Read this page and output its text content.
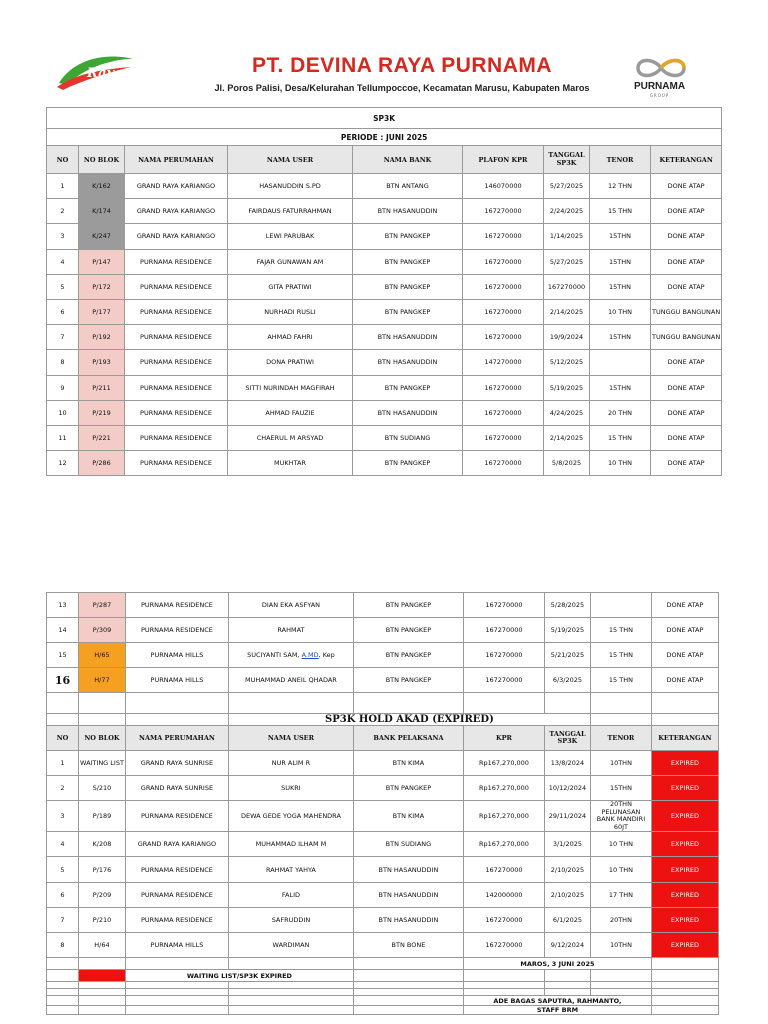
Raya	PT. DEVINA RAYA PURNAMA
Jl. Poros Palisi, Desa/Kelurahan Tellumpoccoe, Kecamatan Marusu, Kabupaten Maros	PURNAMA
GROUP
SP3K								
PERIODE : JUNI 2025								
NO	NO BLOK	NAMA PERUMAHAN	NAMA USER	NAMA BANK	PLAFON KPR	TANGGAL SP3K	TENOR	KETERANGAN
1	K/162	GRAND RAYA KARIANGO	HASANUDDIN S.PD	BTN ANTANG	146070000	5/27/2025	12 THN	DONE ATAP
2	K/174	GRAND RAYA KARIANGO	FAIRDAUS FATURRAHMAN	BTN HASANUDDIN	167270000	2/24/2025	15 THN	DONE ATAP
3	K/247	GRAND RAYA KARIANGO	LEWI PARUBAK	BTN PANGKEP	167270000	1/14/2025	15THN	DONE ATAP
4	P/147	PURNAMA RESIDENCE	FAJAR GUNAWAN AM	BTN PANGKEP	167270000	5/27/2025	15THN	DONE ATAP
5	P/172	PURNAMA RESIDENCE	GITA PRATIWI	BTN PANGKEP	167270000	167270000	15THN	DONE ATAP
6	P/177	PURNAMA RESIDENCE	NURHADI RUSLI	BTN PANGKEP	167270000	2/14/2025	10 THN	TUNGGU BANGUNAN
7	P/192	PURNAMA RESIDENCE	AHMAD FAHRI	BTN HASANUDDIN	167270000	19/9/2024	15THN	TUNGGU BANGUNAN
8	P/193	PURNAMA RESIDENCE	DONA PRATIWI	BTN HASANUDDIN	147270000	5/12/2025		DONE ATAP
9	P/211	PURNAMA RESIDENCE	SITTI NURINDAH MAGFIRAH	BTN PANGKEP	167270000	5/19/2025	15THN	DONE ATAP
10	P/219	PURNAMA RESIDENCE	AHMAD FAUZIE	BTN HASANUDDIN	167270000	4/24/2025	20 THN	DONE ATAP
11	P/221	PURNAMA RESIDENCE	CHAERUL M ARSYAD	BTN SUDIANG	167270000	2/14/2025	15 THN	DONE ATAP
12	P/286	PURNAMA RESIDENCE	MUKHTAR	BTN PANGKEP	167270000	5/8/2025	10 THN	DONE ATAP
13	P/287	PURNAMA RESIDENCE	DIAN EKA ASFYAN	BTN PANGKEP	167270000	5/28/2025		DONE ATAP
14	P/309	PURNAMA RESIDENCE	RAHMAT	BTN PANGKEP	167270000	5/19/2025	15 THN	DONE ATAP
15	H/65	PURNAMA HILLS	SUCIYANTI SAM, A.MD, Kep	BTN PANGKEP	167270000	5/21/2025	15 THN	DONE ATAP
16	H/77	PURNAMA HILLS	MUHAMMAD ANEIL QHADAR	BTN PANGKEP	167270000	6/3/2025	15 THN	DONE ATAP

			SP3K HOLD AKAD (EXPIRED)					
NO	NO BLOK	NAMA PERUMAHAN	NAMA USER	BANK PELAKSANA	KPR	TANGGAL SP3K	TENOR	KETERANGAN
1	WAITING LIST	GRAND RAYA SUNRISE	NUR ALIM R	BTN KIMA	Rp167,270,000	13/8/2024	10THN	EXPIRED
2	S/210	GRAND RAYA SUNRISE	SUKRI	BTN PANGKEP	Rp167,270,000	10/12/2024	15THN	EXPIRED
3	P/189	PURNAMA RESIDENCE	DEWA GEDE YOGA MAHENDRA	BTN KIMA	Rp167,270,000	29/11/2024	20THN PELUNASAN BANK MANDIRI 60JT	EXPIRED
4	K/208	GRAND RAYA KARIANGO	MUHAMMAD ILHAM M	BTN SUDIANG	Rp167,270,000	3/1/2025	10 THN	EXPIRED
5	P/176	PURNAMA RESIDENCE	RAHMAT YAHYA	BTN HASANUDDIN	167270000	2/10/2025	10 THN	EXPIRED
6	P/209	PURNAMA RESIDENCE	FALID	BTN HASANUDDIN	142000000	2/10/2025	17 THN	EXPIRED
7	P/210	PURNAMA RESIDENCE	SAFRUDDIN	BTN HASANUDDIN	167270000	6/1/2025	20THN	EXPIRED
8	H/64	PURNAMA HILLS	WARDIMAN	BTN BONE	167270000	9/12/2024	10THN	EXPIRED
					MAROS, 3 JUNI 2025			
		WAITING LIST/SP3K EXPIRED						

					ADE BAGAS SAPUTRA, RAHMANTO,			
					STAFF BRM			
